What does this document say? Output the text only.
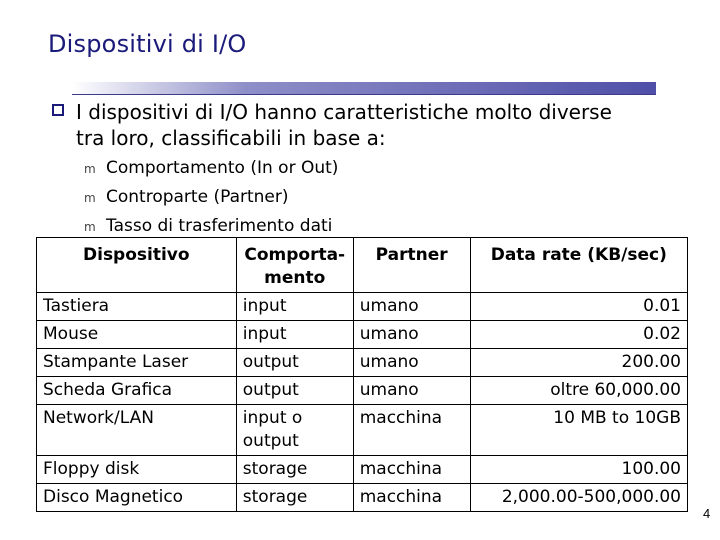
Dispositivi di I/O
I dispositivi di I/O hanno caratteristiche molto diverse tra loro, classificabili in base a:
m Comportamento (In or Out)
m Controparte (Partner)
m Tasso di trasferimento dati
Dispositivo	Comporta-mento	Partner	Data rate (KB/sec)
Tastiera	input	umano	0.01
Mouse	input	umano	0.02
Stampante Laser	output	umano	200.00
Scheda Grafica	output	umano	oltre 60,000.00
Network/LAN	input o output	macchina	10 MB to 10GB
Floppy disk	storage	macchina	100.00
Disco Magnetico	storage	macchina	2,000.00-500,000.00
4
